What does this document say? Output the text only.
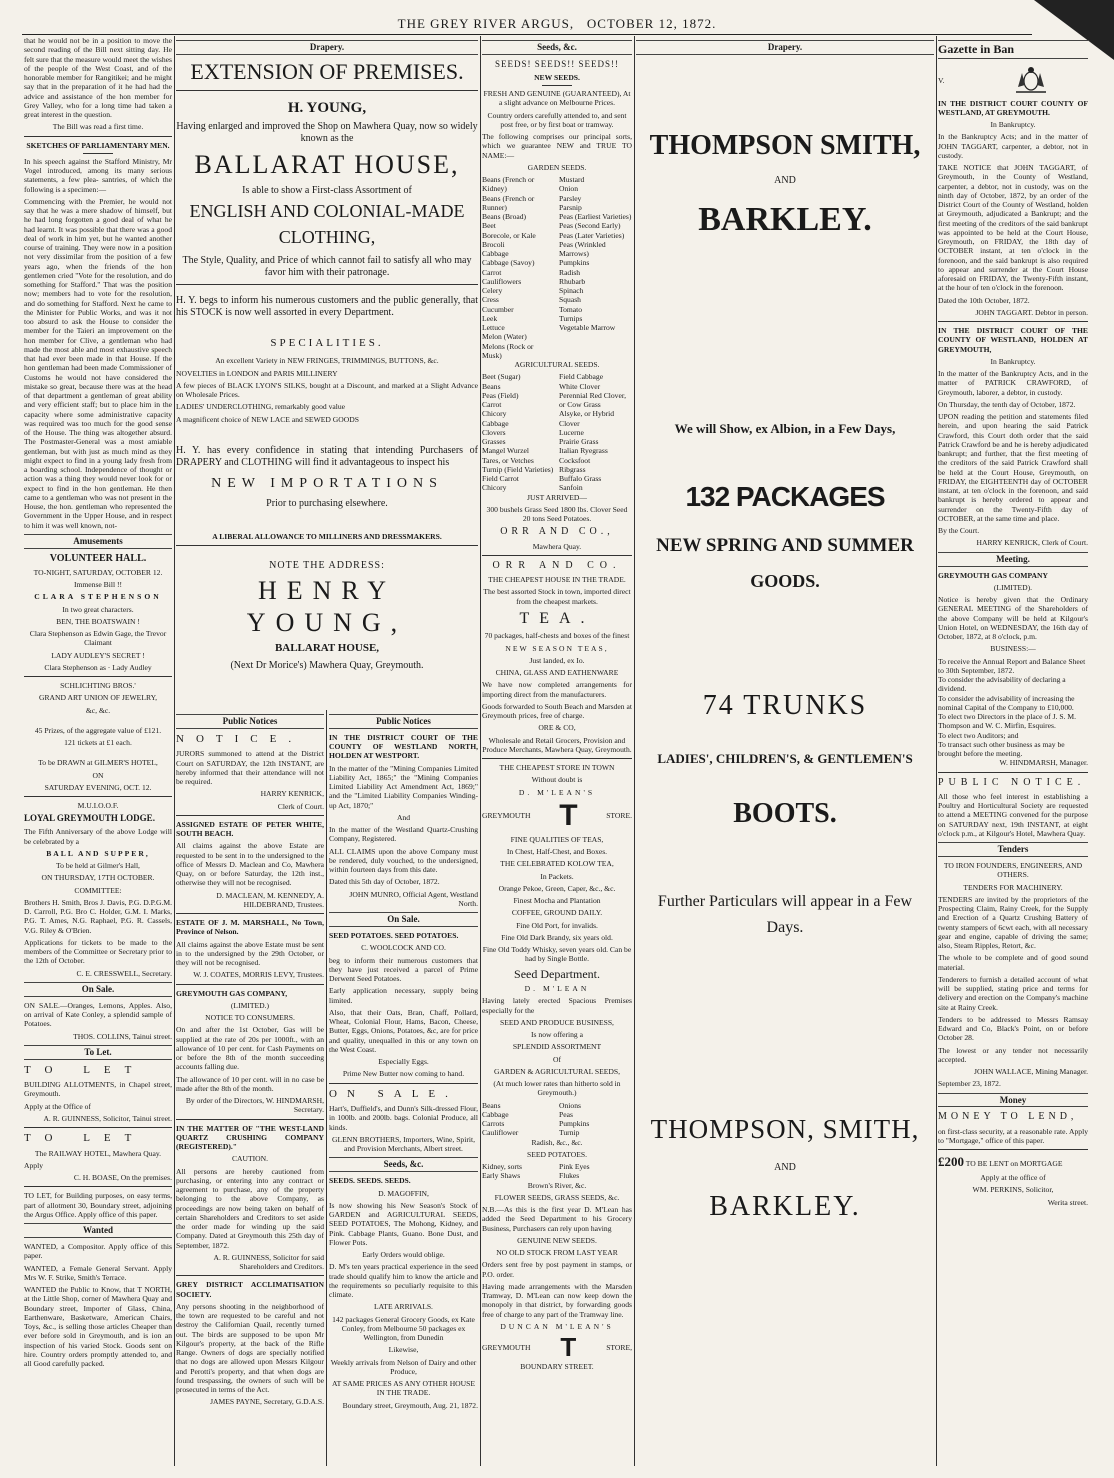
THE GREY RIVER ARGUS, OCTOBER 12, 1872.

that he would not be in a position to move the second reading of the Bill next sitting day. He felt sure that the measure would meet the wishes of the people of the West Coast, and of the honorable member for Rangitikei; and he might say that in the preparation of it he had had the advice and assistance of the hon member for Grey Valley, who for a long time had taken a great interest in the question.

The Bill was read a first time.

SKETCHES OF PARLIAMENTARY MEN.

In his speech against the Stafford Ministry, Mr Vogel introduced, among its many serious statements, a few plea- santries, of which the following is a specimen:—

Commencing with the Premier, he would not say that he was a mere shadow of himself, but he had long forgotten a good deal of what he had learnt. It was possible that there was a good deal of work in him yet, but he wanted another course of training. They were now in a position not very dissimilar from the position of a few years ago, when the friends of the hon gentlemen cried "Vote for the resolution, and do something for Stafford." That was the position now; members had to vote for the resolution, and do something for Stafford. Next he came to the Minister for Public Works, and was it not too absurd to ask the House to consider the member for the Taieri an improvement on the hon member for Clive, a gentleman who had made the most able and most exhaustive speech that had ever been made in that House. If the hon gentleman had been made Commissioner of Customs he would not have considered the mistake so great, because there was at the head of that department a gentleman of great ability and very efficient staff; but to place him in the capacity where some administrative capacity was required was too much for the good sense of the House. The thing was altogether absurd. The Postmaster-General was a most amiable gentleman, but with just as much mind as they might expect to find in a young lady fresh from a boarding school. Independence of thought or action was a thing they would never look for or expect to find in the hon gentleman. He then came to a gentleman who was not present in the House, the hon. gentleman who represented the Government in the Upper House, and in respect to him it was well known, not-

Amusements

VOLUNTEER HALL.

TO-NIGHT, SATURDAY, OCTOBER 12.

Immense Bill !!

CLARA STEPHENSON

In two great characters.

BEN, THE BOATSWAIN !

Clara Stephenson as Edwin Gage, the Trevor Claimant

LADY AUDLEY'S SECRET !

Clara Stephenson as · Lady Audley

SCHLICHTING BROS.'

GRAND ART UNION OF JEWELRY,

&c, &c.

45 Prizes, of the aggregate value of £121.

121 tickets at £1 each.

To be DRAWN at GILMER'S HOTEL,

ON

SATURDAY EVENING, OCT. 12.

M.U.I.O.O.F.

LOYAL GREYMOUTH LODGE.

The Fifth Anniversary of the above Lodge will be celebrated by a

BALL AND SUPPER,

To be held at Gilmer's Hall,

ON THURSDAY, 17TH OCTOBER.

COMMITTEE:

Brothers H. Smith, Bros J. Davis, P.G. D.P.G.M. D. Carroll, P.G. Bro C. Holder, G.M. I. Marks, P.G. T. Ames, N.G. Raphael, P.G. R. Cassels, V.G. Riley & O'Brien.

Applications for tickets to be made to the members of the Committee or Secretary prior to the 12th of October.

C. E. CRESSWELL, Secretary.

On Sale.

ON SALE.—Oranges, Lemons, Apples. Also, on arrival of Kate Conley, a splendid sample of Potatoes.

THOS. COLLINS, Tainui street.

To Let.

TO LET

BUILDING ALLOTMENTS, in Chapel street, Greymouth.

Apply at the Office of

A. R. GUINNESS, Solicitor, Tainui street.

TO LET

The RAILWAY HOTEL, Mawhera Quay.

Apply

C. H. BOASE, On the premises.

TO LET, for Building purposes, on easy terms, part of allotment 30, Boundary street, adjoining the Argus Office. Apply office of this paper.

Wanted

WANTED, a Compositor. Apply office of this paper.

WANTED, a Female General Servant. Apply Mrs W. F. Strike, Smith's Terrace.

WANTED the Public to Know, that T NORTH, at the Little Shop, corner of Mawhera Quay and Boundary street, Importer of Glass, China, Earthenware, Basketware, American Chairs, Toys, &c., is selling those articles Cheaper than ever before sold in Greymouth, and is ion an inspection of his varied Stock. Goods sent on hire. Country orders promptly attended to, and all Good carefully packed.

Drapery.
EXTENSION OF PREMISES.
H. YOUNG,

Having enlarged and improved the Shop on Mawhera Quay, now so widely known as the

BALLARAT HOUSE,

Is able to show a First-class Assortment of

ENGLISH AND COLONIAL-MADE
CLOTHING,

The Style, Quality, and Price of which cannot fail to satisfy all who may favor him with their patronage.

H. Y. begs to inform his numerous customers and the public generally, that his STOCK is now well assorted in every Department.

SPECIALITIES.

An excellent Variety in NEW FRINGES, TRIMMINGS, BUTTONS, &c.

NOVELTIES in LONDON and PARIS MILLINERY

A few pieces of BLACK LYON'S SILKS, bought at a Discount, and marked at a Slight Advance on Wholesale Prices.

LADIES' UNDERCLOTHING, remarkably good value

A magnificent choice of NEW LACE and SEWED GOODS

H. Y. has every confidence in stating that intending Purchasers of DRAPERY and CLOTHING will find it advantageous to inspect his

NEW IMPORTATIONS

Prior to purchasing elsewhere.

A LIBERAL ALLOWANCE TO MILLINERS AND DRESSMAKERS.

NOTE THE ADDRESS:

HENRY YOUNG,
BALLARAT HOUSE,

(Next Dr Morice's) Mawhera Quay, Greymouth.

Public Notices

NOTICE.

JURORS summoned to attend at the District Court on SATURDAY, the 12th INSTANT, are hereby informed that their attendance will not be required.

HARRY KENRICK,

Clerk of Court.

ASSIGNED ESTATE OF PETER WHITE, SOUTH BEACH.

All claims against the above Estate are requested to be sent in to the undersigned to the office of Messrs D. Maclean and Co, Mawhera Quay, on or before Saturday, the 12th inst., otherwise they will not be recognised.

D. MACLEAN, M. KENNEDY, A. HILDEBRAND, Trustees.

ESTATE OF J. M. MARSHALL, No Town, Province of Nelson.

All claims against the above Estate must be sent in to the undersigned by the 29th October, or they will not be recognised.

W. J. COATES, MORRIS LEVY, Trustees.

GREYMOUTH GAS COMPANY,

(LIMITED.)

NOTICE TO CONSUMERS.

On and after the 1st October, Gas will be supplied at the rate of 20s per 1000ft., with an allowance of 10 per cent. for Cash Payments on or before the 8th of the month succeeding accounts falling due.

The allowance of 10 per cent. will in no case be made after the 8th of the month.

By order of the Directors, W. HINDMARSH, Secretary.

IN THE MATTER OF "THE WEST-LAND QUARTZ CRUSHING COMPANY (REGISTERED)."

CAUTION.

All persons are hereby cautioned from purchasing, or entering into any contract or agreement to purchase, any of the property belonging to the above Company, as proceedings are now being taken on behalf of certain Shareholders and Creditors to set aside the order made for winding up the said Company. Dated at Greymouth this 25th day of September, 1872.

A. R. GUINNESS, Solicitor for said Shareholders and Creditors.

GREY DISTRICT ACCLIMATISATION SOCIETY.

Any persons shooting in the neighborhood of the town are requested to be careful and not destroy the Californian Quail, recently turned out. The birds are supposed to be upon Mr Kilgour's property, at the back of the Rifle Range. Owners of dogs are specially notified that no dogs are allowed upon Messrs Kilgour and Perotti's property, and that when dogs are found trespassing, the owners of such will be prosecuted in terms of the Act.

JAMES PAYNE, Secretary, G.D.A.S.

Public Notices

IN THE DISTRICT COURT OF THE COUNTY OF WESTLAND NORTH, HOLDEN AT WESTPORT.

In the matter of the "Mining Companies Limited Liability Act, 1865;" the "Mining Companies Limited Liability Act Amendment Act, 1869;" and the "Limited Liability Companies Winding-up Act, 1870;"

And

In the matter of the Westland Quartz-Crushing Company, Registered.

ALL CLAIMS upon the above Company must be rendered, duly vouched, to the undersigned, within fourteen days from this date.

Dated this 5th day of October, 1872.

JOHN MUNRO, Official Agent, Westland North.

On Sale.

SEED POTATOES. SEED POTATOES.

C. WOOLCOCK AND CO.

beg to inform their numerous customers that they have just received a parcel of Prime Derwent Seed Potatoes.

Early application necessary, supply being limited.

Also, that their Oats, Bran, Chaff, Pollard, Wheat, Colonial Flour, Hams, Bacon, Cheese, Butter, Eggs, Onions, Potatoes, &c, are for price and quality, unequalled in this or any town on the West Coast.

Especially Eggs.

Prime New Butter now coming to hand.

ON SALE.

Hart's, Duffield's, and Dunn's Silk-dressed Flour, in 100lb. and 200lb. bags. Colonial Produce, all kinds.

GLENN BROTHERS, Importers, Wine, Spirit, and Provision Merchants, Albert street.

Seeds, &c.

SEEDS. SEEDS. SEEDS.

D. MAGOFFIN,

Is now showing his New Season's Stock of GARDEN and AGRICULTURAL SEEDS, SEED POTATOES, The Mohong, Kidney, and Pink. Cabbage Plants, Guano. Bone Dust, and Flower Pots.

Early Orders would oblige.

D. M's ten years practical experience in the seed trade should qualify him to know the article and the requirements so peculiarly requisite to this climate.

LATE ARRIVALS.

142 packages General Grocery Goods, ex Kate Conley, from Melbourne 50 packages ex Wellington, from Dunedin

Likewise,

Weekly arrivals from Nelson of Dairy and other Produce,

AT SAME PRICES AS ANY OTHER HOUSE IN THE TRADE.

Boundary street, Greymouth, Aug. 21, 1872.

Seeds, &c.

SEEDS! SEEDS!! SEEDS!!

NEW SEEDS.

FRESH AND GENUINE (GUARANTEED), At a slight advance on Melbourne Prices.

Country orders carefully attended to, and sent post free, or by first boat or tramway.

The following comprises our principal sorts, which we guarantee NEW and TRUE TO NAME:—

GARDEN SEEDS.

Beans (French or Kidney)
Beans (French or Runner)
Beans (Broad)
Beet
Borecole, or Kale
Brocoli
Cabbage
Cabbage (Savoy)
Carrot
Cauliflowers
Celery
Cress
Cucumber
Leek
Lettuce
Melon (Water)
Melons (Rock or Musk)
Mustard
Onion
Parsley
Parsnip
Peas (Earliest Varieties)
Peas (Second Early)
Peas (Later Varieties)
Peas (Wrinkled Marrows)
Pumpkins
Radish
Rhubarb
Spinach
Squash
Tomato
Turnips
Vegetable Marrow

AGRICULTURAL SEEDS.

Beet (Sugar)
Beans
Peas (Field)
Carrot
Chicory
Cabbage
Clovers
Grasses
Mangel Wurzel
Tares, or Vetches
Turnip (Field Varieties)
Field Carrot
Chicory
Field Cabbage
White Clover
Perennial Red Clover, or Cow Grass
Alsyke, or Hybrid Clover
Lucerne
Prairie Grass
Italian Ryegrass
Cocksfoot
Ribgrass
Buffalo Grass
Sanfoin

JUST ARRIVED—

300 bushels Grass Seed 1800 lbs. Clover Seed 20 tons Seed Potatoes.

ORR AND CO.,

Mawhera Quay.

ORR AND CO.

THE CHEAPEST HOUSE IN THE TRADE.

The best assorted Stock in town, imported direct from the cheapest markets.

TEA.

70 packages, half-chests and boxes of the finest

NEW SEASON TEAS,

Just landed, ex Io.

CHINA, GLASS AND EATHENWARE

We have now completed arrangements for importing direct from the manufacturers.

Goods forwarded to South Beach and Marsden at Greymouth prices, free of charge.

ORE & CO,

Wholesale and Retail Grocers, Provision and Produce Merchants, Mawhera Quay, Greymouth.

THE CHEAPEST STORE IN TOWN

Without doubt is

D. M'LEAN'S

GREYMOUTH T	STORE.

FINE QUALITIES OF TEAS,

In Chest, Half-Chest, and Boxes.

THE CELEBRATED KOLOW TEA,

In Packets.

Orange Pekoe, Green, Caper, &c., &c.

Finest Mocha and Plantation

COFFEE, GROUND DAILY.

Fine Old Port, for invalids.

Fine Old Dark Brandy, six years old.

Fine Old Toddy Whisky, seven years old. Can be had by Single Bottle.

Seed Department.

D. M'LEAN

Having lately erected Spacious Premises especially for the

SEED AND PRODUCE BUSINESS,

Is now offering a

SPLENDID ASSORTMENT

Of

GARDEN & AGRICULTURAL SEEDS,

(At much lower rates than hitherto sold in Greymouth.)

Beans
Cabbage
Carrots
Cauliflower
Onions
Peas
Pumpkins
Turnip

Radish, &c., &c.

SEED POTATOES.

Kidney, sorts
Early Shaws
Pink Eyes
Flukes

Brown's River, &c.

FLOWER SEEDS, GRASS SEEDS, &c.

N.B.—As this is the first year D. M'Lean has added the Seed Department to his Grocery Business, Purchasers can rely upon having

GENUINE NEW SEEDS.

NO OLD STOCK FROM LAST YEAR

Orders sent free by post payment in stamps, or P.O. order.

Having made arrangements with the Marsden Tramway, D. M'Lean can now keep down the monopoly in that district, by forwarding goods free of charge to any part of the Tramway line.

DUNCAN M'LEAN'S

GREYMOUTH T	STORE,

BOUNDARY STREET.

Drapery.
THOMPSON SMITH,

AND

BARKLEY.

We will Show, ex Albion, in a Few Days,

132 PACKAGES
NEW SPRING AND SUMMER
GOODS.
74 TRUNKS
LADIES', CHILDREN'S, & GENTLEMEN'S
BOOTS.

Further Particulars will appear in a Few Days.

THOMPSON, SMITH,

AND

BARKLEY.
Gazette in Ban
V.

IN THE DISTRICT COURT COUNTY OF WESTLAND, AT GREYMOUTH.

In Bankruptcy.

In the Bankruptcy Acts; and in the matter of JOHN TAGGART, carpenter, a debtor, not in custody.

TAKE NOTICE that JOHN TAGGART, of Greymouth, in the County of Westland, carpenter, a debtor, not in custody, was on the ninth day of October, 1872, by an order of the District Court of the County of Westland, holden at Greymouth, adjudicated a Bankrupt; and the first meeting of the creditors of the said bankrupt was appointed to be held at the Court House, Greymouth, on FRIDAY, the 18th day of OCTOBER instant, at ten o'clock in the forenoon, and the said bankrupt is also required to appear and surrender at the Court House aforesaid on FRIDAY, the Twenty-Fifth instant, at the hour of ten o'clock in the forenoon.

Dated the 10th October, 1872.

JOHN TAGGART. Debtor in person.

IN THE DISTRICT COURT OF THE COUNTY OF WESTLAND, HOLDEN AT GREYMOUTH,

In Bankruptcy.

In the matter of the Bankruptcy Acts, and in the matter of PATRICK CRAWFORD, of Greymouth, laborer, a debtor, in custody.

On Thursday, the tenth day of October, 1872.

UPON reading the petition and statements filed herein, and upon hearing the said Patrick Crawford, this Court doth order that the said Patrick Crawford be and he is hereby adjudicated bankrupt; and further, that the first meeting of the creditors of the said Patrick Crawford shall be held at the Court House, Greymouth, on FRIDAY, the EIGHTEENTH day of OCTOBER instant, at ten o'clock in the forenoon, and said bankrupt is hereby ordered to appear and surrender on the Twenty-Fifth day of OCTOBER, at the same time and place.

By the Court.

HARRY KENRICK, Clerk of Court.

Meeting.

GREYMOUTH GAS COMPANY

(LIMITED).

Notice is hereby given that the Ordinary GENERAL MEETING of the Shareholders of the above Company will be held at Kilgour's Union Hotel, on WEDNESDAY, the 16th day of October, 1872, at 8 o'clock, p.m.

BUSINESS:—

To receive the Annual Report and Balance Sheet to 30th September, 1872.
To consider the advisability of declaring a dividend.
To consider the advisability of increasing the nominal Capital of the Company to £10,000.
To elect two Directors in the place of J. S. M. Thompson and W. C. Mirfin, Esquires.
To elect two Auditors; and
To transact such other business as may be brought before the meeting.

W. HINDMARSH, Manager.

PUBLIC NOTICE.

All those who feel interest in establishing a Poultry and Horticultural Society are requested to attend a MEETING convened for the purpose on SATURDAY next, 19th INSTANT, at eight o'clock p.m., at Kilgour's Hotel, Mawhera Quay.

Tenders

TO IRON FOUNDERS, ENGINEERS, AND OTHERS.

TENDERS FOR MACHINERY.

TENDERS are invited by the proprietors of the Prospecting Claim, Rainy Creek, for the Supply and Erection of a Quartz Crushing Battery of twenty stampers of 6cwt each, with all necessary gear and engine, capable of driving the same; also, Steam Ripples, Retort, &c.

The whole to be complete and of good sound material.

Tenderers to furnish a detailed account of what will be supplied, stating price and terms for delivery and erection on the Company's machine site at Rainy Creek.

Tenders to be addressed to Messrs Ramsay Edward and Co, Black's Point, on or before October 28.

The lowest or any tender not necessarily accepted.

JOHN WALLACE, Mining Manager.

September 23, 1872.

Money

MONEY TO LEND,

on first-class security, at a reasonable rate. Apply to "Mortgage," office of this paper.

£200 TO BE LENT on MORTGAGE

Apply at the office of

WM. PERKINS, Solicitor,

Werita street.
